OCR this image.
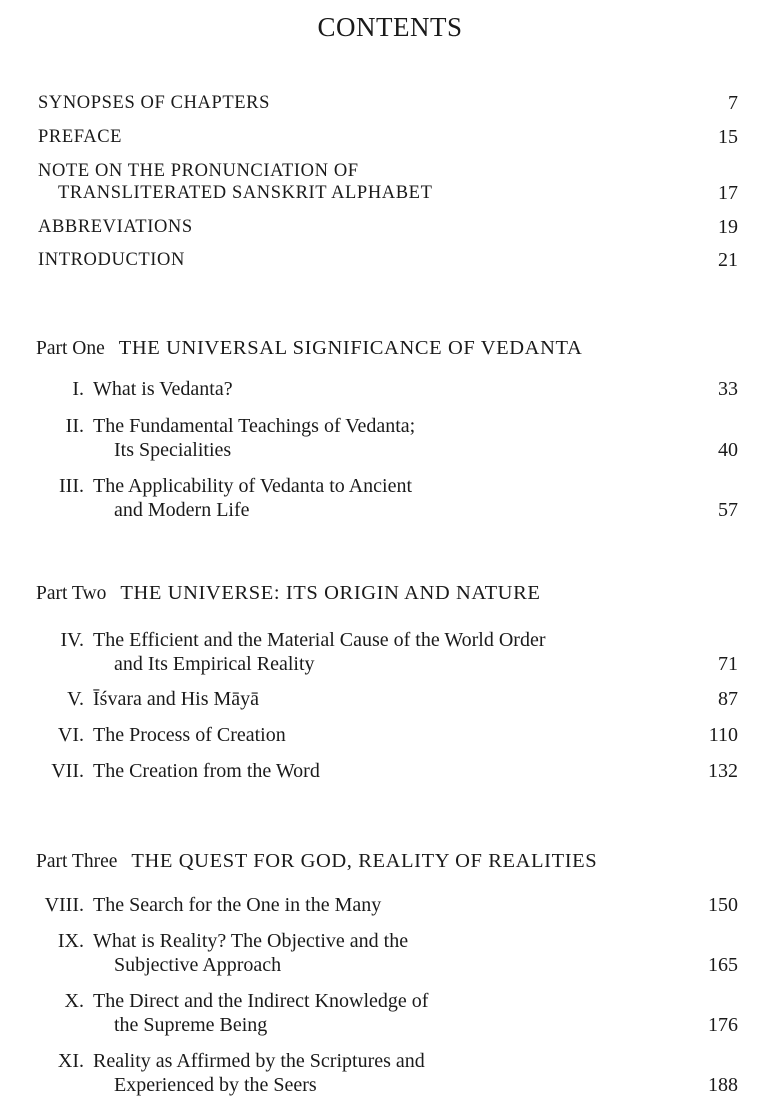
CONTENTS
SYNOPSES OF CHAPTERS	7
PREFACE	15
NOTE ON THE PRONUNCIATION OF
TRANSLITERATED SANSKRIT ALPHABET	17
ABBREVIATIONS	19
INTRODUCTION	21
Part One THE UNIVERSAL SIGNIFICANCE OF VEDANTA
I. What is Vedanta?	33
II. The Fundamental Teachings of Vedanta;
Its Specialities	40
III. The Applicability of Vedanta to Ancient
and Modern Life	57
Part Two THE UNIVERSE: ITS ORIGIN AND NATURE
IV. The Efficient and the Material Cause of the World Order
and Its Empirical Reality	71
V. Īśvara and His Māyā	87
VI. The Process of Creation	110
VII. The Creation from the Word	132
Part Three THE QUEST FOR GOD, REALITY OF REALITIES
VIII. The Search for the One in the Many	150
IX. What is Reality? The Objective and the
Subjective Approach	165
X. The Direct and the Indirect Knowledge of
the Supreme Being	176
XI. Reality as Affirmed by the Scriptures and
Experienced by the Seers	188
